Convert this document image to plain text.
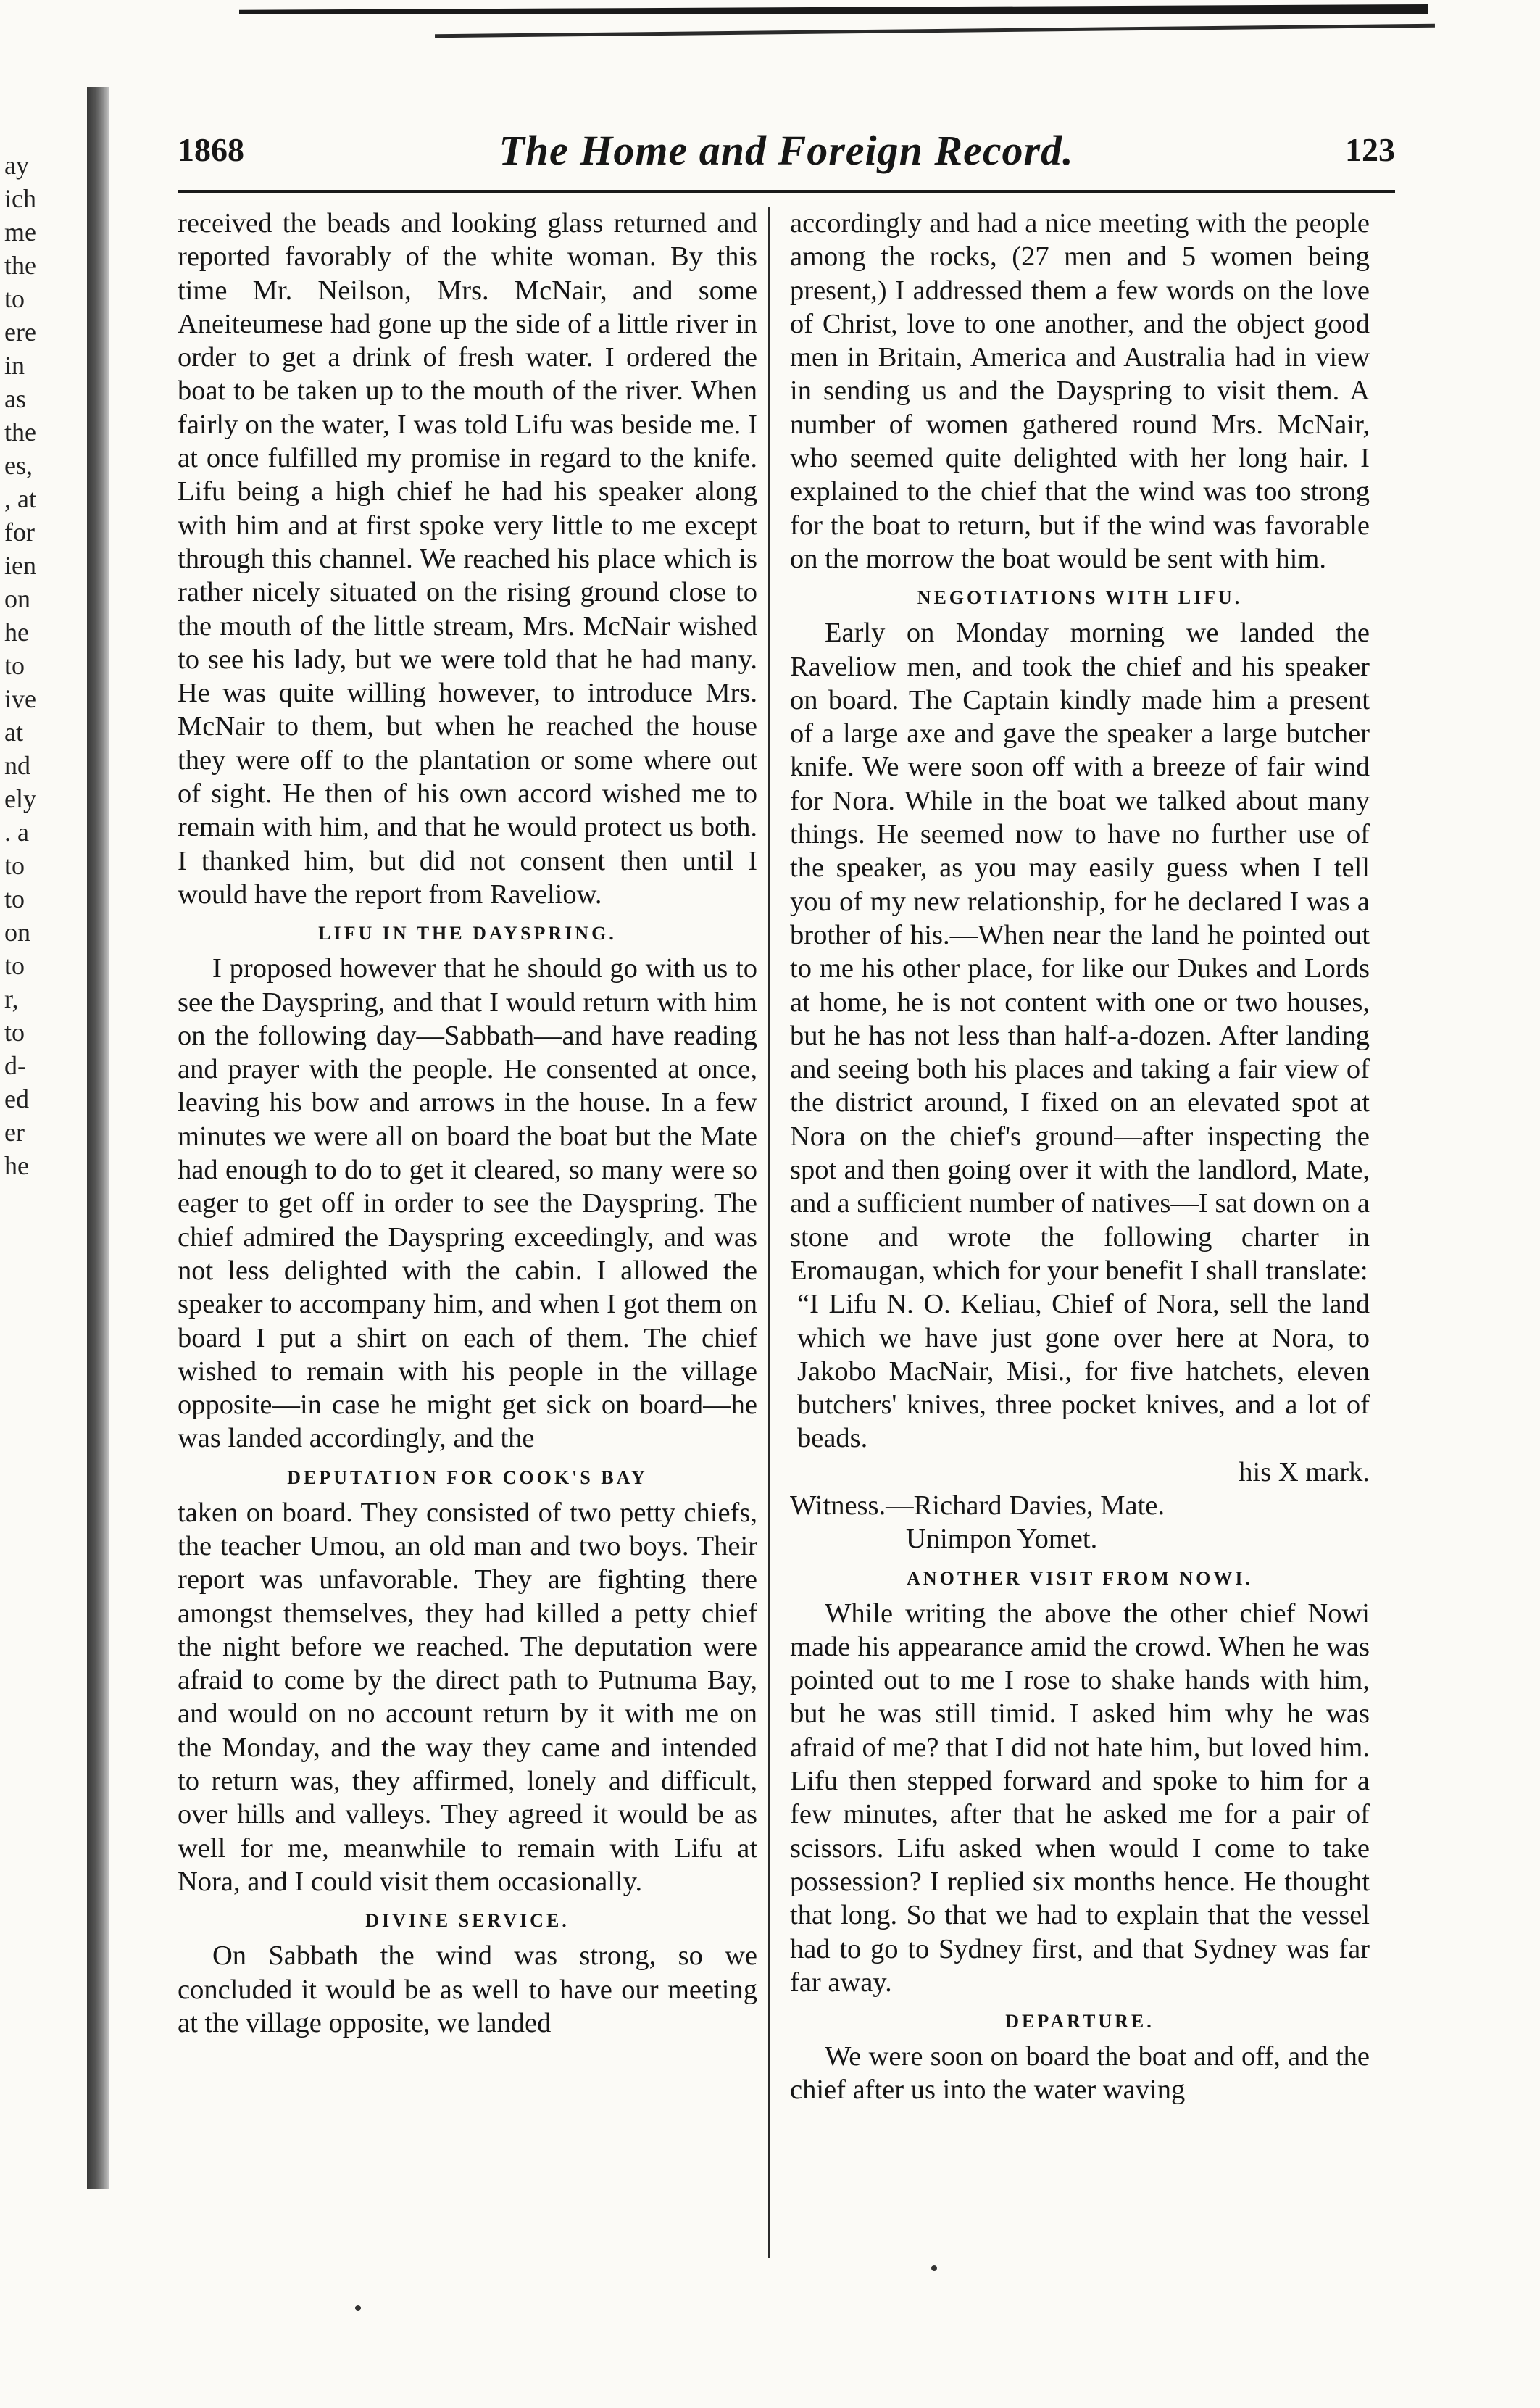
ay
ich
me
the
to
ere
in
as
the
es,
, at
for
ien
on
he
to
ive
at
nd
ely
. a
to
to
on
to
r,
to
d-
ed
er
he
1868	The Home and Foreign Record.	123

received the beads and looking glass returned and reported favorably of the white woman. By this time Mr. Neilson, Mrs. McNair, and some Aneiteumese had gone up the side of a little river in order to get a drink of fresh water. I ordered the boat to be taken up to the mouth of the river. When fairly on the water, I was told Lifu was beside me. I at once fulfilled my promise in regard to the knife. Lifu being a high chief he had his speaker along with him and at first spoke very little to me except through this channel. We reached his place which is rather nicely situated on the rising ground close to the mouth of the little stream, Mrs. McNair wished to see his lady, but we were told that he had many. He was quite willing however, to introduce Mrs. McNair to them, but when he reached the house they were off to the plantation or some where out of sight. He then of his own accord wished me to remain with him, and that he would protect us both. I thanked him, but did not consent then until I would have the report from Raveliow.

LIFU IN THE DAYSPRING.

I proposed however that he should go with us to see the Dayspring, and that I would return with him on the following day—Sabbath—and have reading and prayer with the people. He consented at once, leaving his bow and arrows in the house. In a few minutes we were all on board the boat but the Mate had enough to do to get it cleared, so many were so eager to get off in order to see the Dayspring. The chief admired the Dayspring exceedingly, and was not less delighted with the cabin. I allowed the speaker to accompany him, and when I got them on board I put a shirt on each of them. The chief wished to remain with his people in the village opposite—in case he might get sick on board—he was landed accordingly, and the

DEPUTATION FOR COOK'S BAY

taken on board. They consisted of two petty chiefs, the teacher Umou, an old man and two boys. Their report was unfavorable. They are fighting there amongst themselves, they had killed a petty chief the night before we reached. The deputation were afraid to come by the direct path to Putnuma Bay, and would on no account return by it with me on the Monday, and the way they came and intended to return was, they affirmed, lonely and difficult, over hills and valleys. They agreed it would be as well for me, meanwhile to remain with Lifu at Nora, and I could visit them occasionally.

DIVINE SERVICE.

On Sabbath the wind was strong, so we concluded it would be as well to have our meeting at the village opposite, we landed

accordingly and had a nice meeting with the people among the rocks, (27 men and 5 women being present,) I addressed them a few words on the love of Christ, love to one another, and the object good men in Britain, America and Australia had in view in sending us and the Dayspring to visit them. A number of women gathered round Mrs. McNair, who seemed quite delighted with her long hair. I explained to the chief that the wind was too strong for the boat to return, but if the wind was favorable on the morrow the boat would be sent with him.

NEGOTIATIONS WITH LIFU.

Early on Monday morning we landed the Raveliow men, and took the chief and his speaker on board. The Captain kindly made him a present of a large axe and gave the speaker a large butcher knife. We were soon off with a breeze of fair wind for Nora. While in the boat we talked about many things. He seemed now to have no further use of the speaker, as you may easily guess when I tell you of my new relationship, for he declared I was a brother of his.—When near the land he pointed out to me his other place, for like our Dukes and Lords at home, he is not content with one or two houses, but he has not less than half-a-dozen. After landing and seeing both his places and taking a fair view of the district around, I fixed on an elevated spot at Nora on the chief's ground—after inspecting the spot and then going over it with the landlord, Mate, and a sufficient number of natives—I sat down on a stone and wrote the following charter in Eromaugan, which for your benefit I shall translate:

“I Lifu N. O. Keliau, Chief of Nora, sell the land which we have just gone over here at Nora, to Jakobo MacNair, Misi., for five hatchets, eleven butchers' knives, three pocket knives, and a lot of beads.

his X mark.

Witness.—Richard Davies, Mate.

Unimpon Yomet.

ANOTHER VISIT FROM NOWI.

While writing the above the other chief Nowi made his appearance amid the crowd. When he was pointed out to me I rose to shake hands with him, but he was still timid. I asked him why he was afraid of me? that I did not hate him, but loved him. Lifu then stepped forward and spoke to him for a few minutes, after that he asked me for a pair of scissors. Lifu asked when would I come to take possession? I replied six months hence. He thought that long. So that we had to explain that the vessel had to go to Sydney first, and that Sydney was far far away.

DEPARTURE.

We were soon on board the boat and off, and the chief after us into the water waving
